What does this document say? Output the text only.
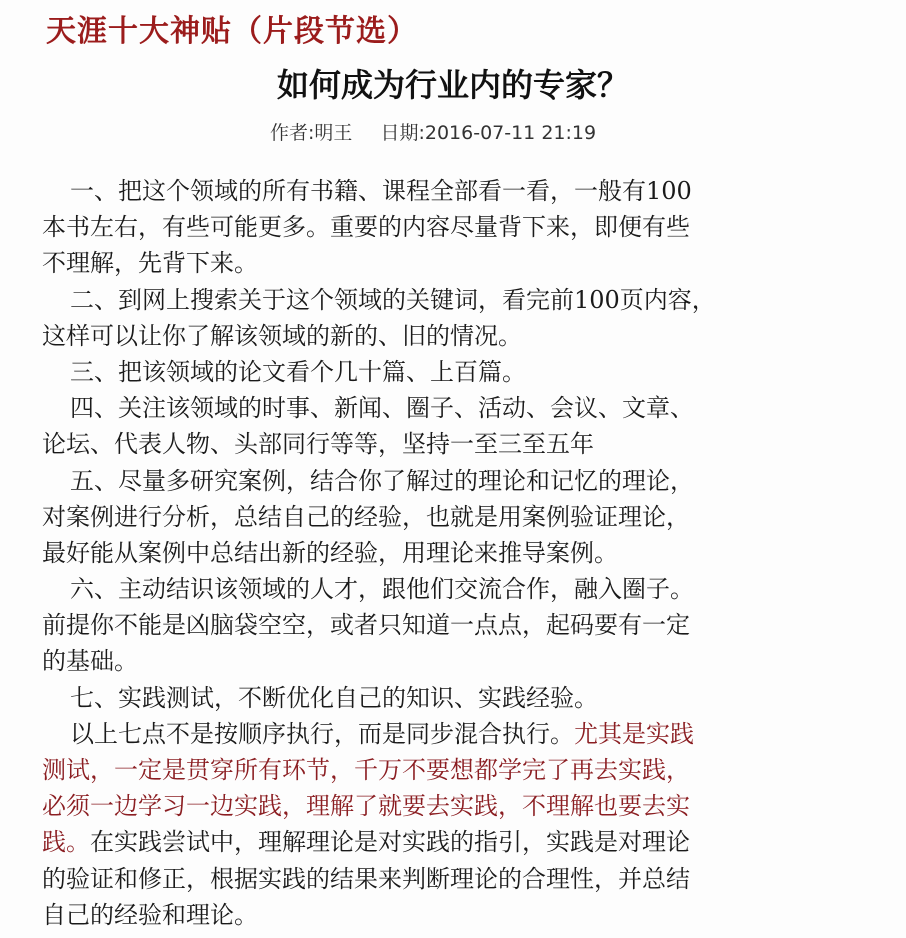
天涯十大神贴（片段节选）
如何成为行业内的专家？
作者:明王 日期:2016-07-11 21:19
一、把这个领域的所有书籍、课程全部看一看，一般有100
本书左右，有些可能更多。重要的内容尽量背下来，即便有些
不理解，先背下来。
二、到网上搜索关于这个领域的关键词，看完前100页内容，
这样可以让你了解该领域的新的、旧的情况。
三、把该领域的论文看个几十篇、上百篇。
四、关注该领域的时事、新闻、圈子、活动、会议、文章、
论坛、代表人物、头部同行等等，坚持一至三至五年
五、尽量多研究案例，结合你了解过的理论和记忆的理论，
对案例进行分析，总结自己的经验，也就是用案例验证理论，
最好能从案例中总结出新的经验，用理论来推导案例。
六、主动结识该领域的人才，跟他们交流合作，融入圈子。
前提你不能是凶脑袋空空，或者只知道一点点，起码要有一定
的基础。
七、实践测试，不断优化自己的知识、实践经验。
以上七点不是按顺序执行，而是同步混合执行。尤其是实践
测试，一定是贯穿所有环节，千万不要想都学完了再去实践，
必须一边学习一边实践，理解了就要去实践，不理解也要去实
践。在实践尝试中，理解理论是对实践的指引，实践是对理论
的验证和修正，根据实践的结果来判断理论的合理性，并总结
自己的经验和理论。
